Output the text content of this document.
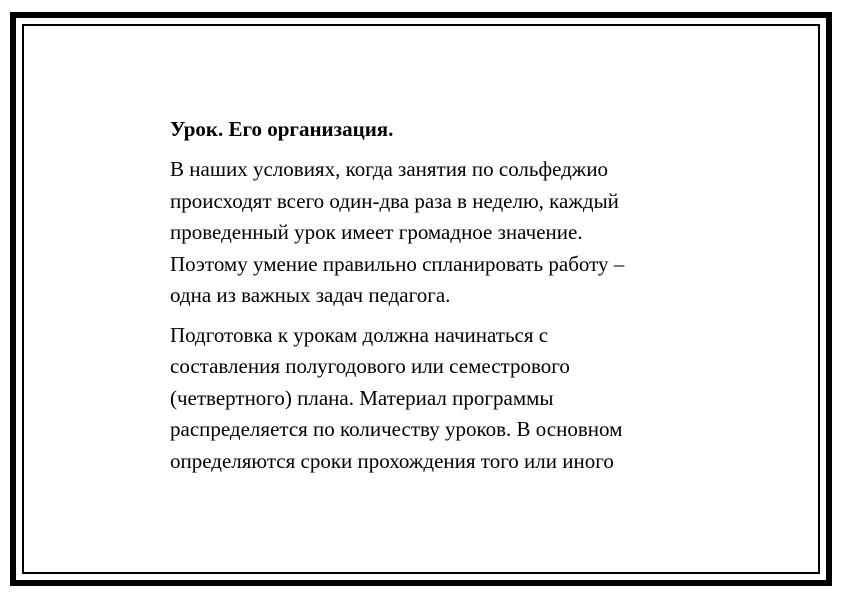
Урок. Его организация.
В наших условиях, когда занятия по сольфеджио
происходят всего один-два раза в неделю, каждый
проведенный урок имеет громадное значение.
Поэтому умение правильно спланировать работу –
одна из важных задач педагога.
Подготовка к урокам должна начинаться с
составления полугодового или семестрового
(четвертного) плана. Материал программы
распределяется по количеству уроков. В основном
определяются сроки прохождения того или иного
